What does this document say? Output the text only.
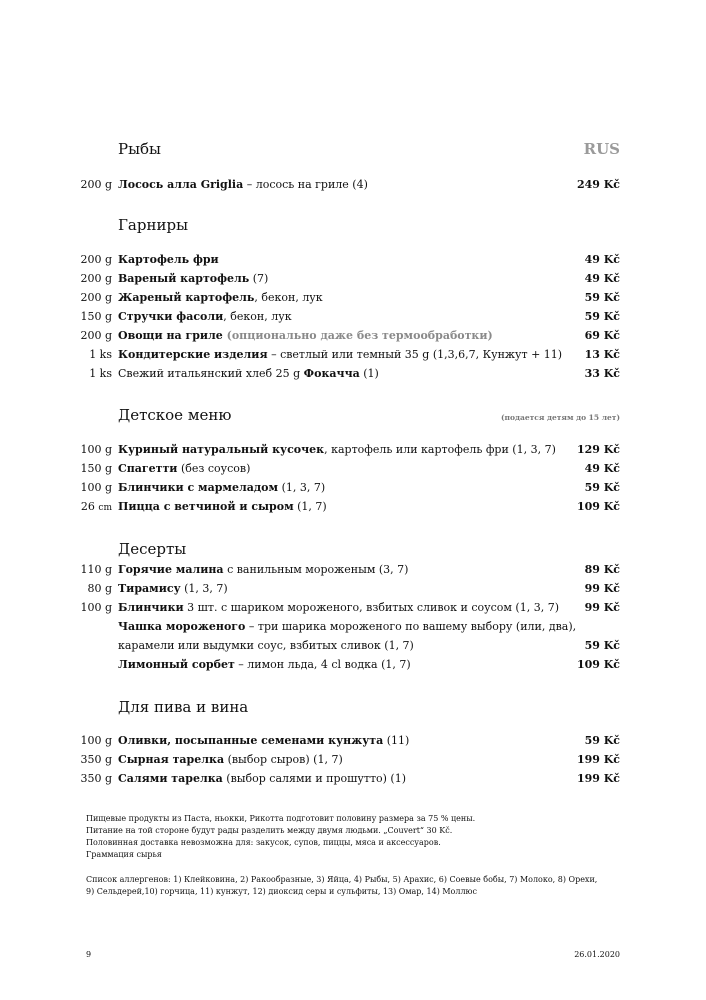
Рыбы	RUS
200 g Лосось алла Griglia – лосось на гриле (4)	249 Kč
Гарниры
200 g Картофель фри	49 Kč
200 g Вареный картофель (7)	49 Kč
200 g Жареный картофель, бекон, лук	59 Kč
150 g Стручки фасоли, бекон, лук	59 Kč
200 g Овощи на гриле (опционально даже без термообработки)	69 Kč
1 ks Кондитерские изделия – светлый или темный 35 g (1,3,6,7, Кунжут + 11) 13 Kč
1 ks Свежий итальянский хлеб 25 g Фокачча (1)	33 Kč
Детское меню	(подается детям до 15 лет)
100 g Куриный натуральный кусочек, картофель или картофель фри (1, 3, 7) 129 Kč
150 g Спагетти (без соусов)	49 Kč
100 g Блинчики с мармеладом (1, 3, 7)	59 Kč
26 cm Пицца с ветчиной и сыром (1, 7)	109 Kč
Десерты
110 g Горячие малина с ванильным мороженым (3, 7)	89 Kč
80 g Тирамису (1, 3, 7)	99 Kč
100 g Блинчики 3 шт. с шариком мороженого, взбитых сливок и соусом (1, 3, 7) 99 Kč
Чашка мороженого – три шарика мороженого по вашему выбору (или, два),
карамели или выдумки соус, взбитых сливок (1, 7)	59 Kč
Лимонный сорбет – лимон льда, 4 cl водка (1, 7)	109 Kč
Для пива и вина
100 g Оливки, посыпанные семенами кунжута (11)	59 Kč
350 g Сырная тарелка (выбор сыров) (1, 7)	199 Kč
350 g Салями тарелка (выбор салями и прошутто) (1)	199 Kč
Пищевые продукты из Паста, ньокки, Рикотта подготовит половину размера за 75 % цены.
Питание на той стороне будут рады разделить между двумя людьми. „Couvert“ 30 Kč.
Половинная доставка невозможна для: закусок, супов, пиццы, мяса и аксессуаров.
Граммация сырья
Список аллергенов: 1) Клейковина, 2) Ракообразные, 3) Яйца, 4) Рыбы, 5) Арахис, 6) Соевые бобы, 7) Молоко, 8) Орехи,
9) Сельдерей,10) горчица, 11) кунжут, 12) диоксид серы и сульфиты, 13) Омар, 14) Моллюс
9	26.01.2020
